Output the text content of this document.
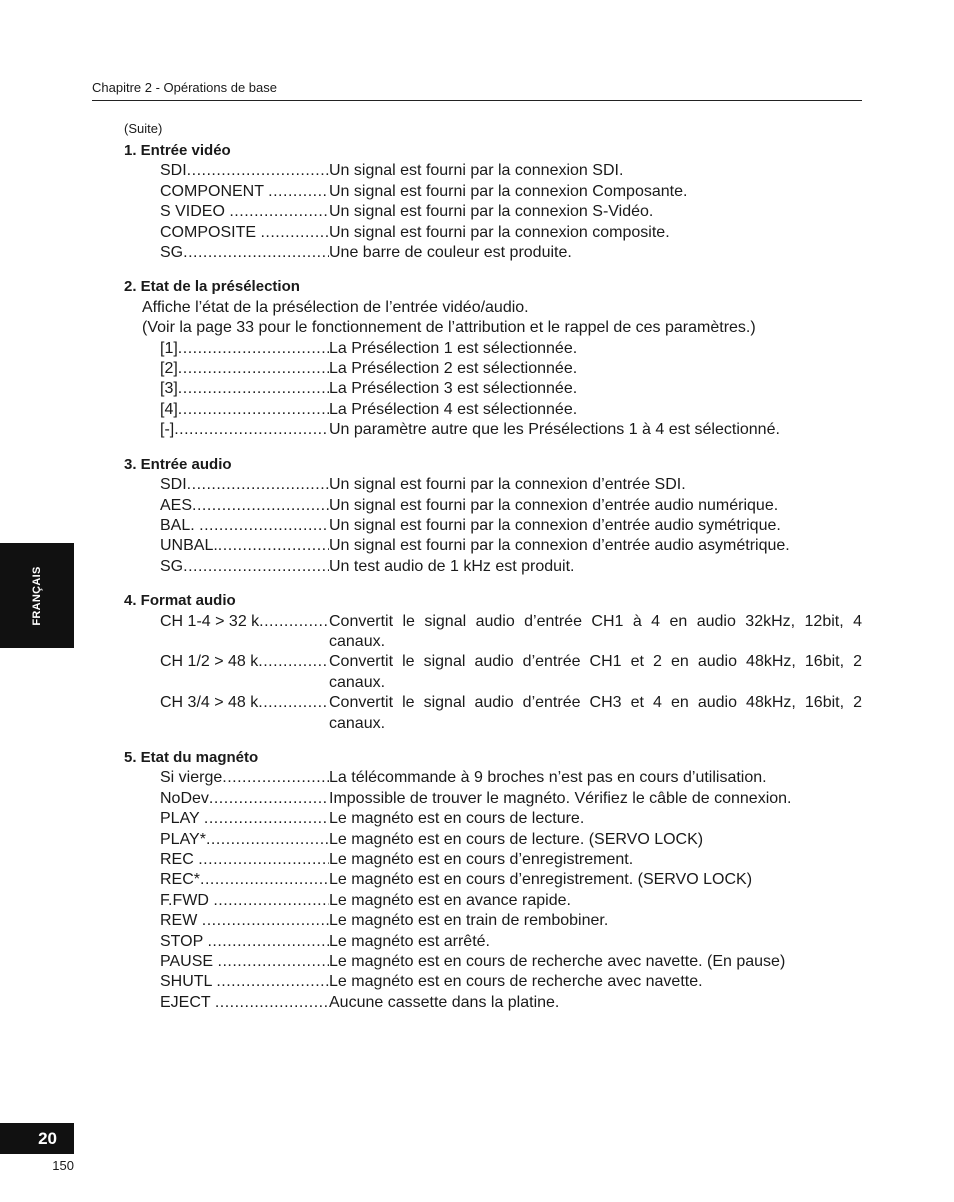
Chapitre 2 - Opérations de base
(Suite)
1. Entrée vidéo
SDI .....	Un signal est fourni par la connexion SDI.
COMPONENT .....	Un signal est fourni par la connexion Composante.
S VIDEO .....	Un signal est fourni par la connexion S-Vidéo.
COMPOSITE .....	Un signal est fourni par la connexion composite.
SG .....	Une barre de couleur est produite.
2. Etat de la présélection
Affiche l’état de la présélection de l’entrée vidéo/audio.
(Voir la page 33 pour le fonctionnement de l’attribution et le rappel de ces paramètres.)
[1] .....	La Présélection 1 est sélectionnée.
[2] .....	La Présélection 2 est sélectionnée.
[3] .....	La Présélection 3 est sélectionnée.
[4] .....	La Présélection 4 est sélectionnée.
[-] .....	Un paramètre autre que les Présélections 1 à 4 est sélectionné.
3. Entrée audio
SDI .....	Un signal est fourni par la connexion d’entrée SDI.
AES .....	Un signal est fourni par la connexion d’entrée audio numérique.
BAL. .....	Un signal est fourni par la connexion d’entrée audio symétrique.
UNBAL. .....	Un signal est fourni par la connexion d’entrée audio asymétrique.
SG .....	Un test audio de 1 kHz est produit.
4. Format audio
CH 1-4 > 32 k .....	Convertit le signal audio d’entrée CH1 à 4 en audio 32kHz, 12bit, 4 canaux.
CH 1/2 > 48 k .....	Convertit le signal audio d’entrée CH1 et 2 en audio 48kHz, 16bit, 2 canaux.
CH 3/4 > 48 k .....	Convertit le signal audio d’entrée CH3 et 4 en audio 48kHz, 16bit, 2 canaux.
5. Etat du magnéto
Si vierge .....	La télécommande à 9 broches n’est pas en cours d’utilisation.
NoDev .....	Impossible de trouver le magnéto. Vérifiez le câble de connexion.
PLAY .....	Le magnéto est en cours de lecture.
PLAY* .....	Le magnéto est en cours de lecture. (SERVO LOCK)
REC .....	Le magnéto est en cours d’enregistrement.
REC* .....	Le magnéto est en cours d’enregistrement. (SERVO LOCK)
F.FWD .....	Le magnéto est en avance rapide.
REW .....	Le magnéto est en train de rembobiner.
STOP .....	Le magnéto est arrêté.
PAUSE .....	Le magnéto est en cours de recherche avec navette. (En pause)
SHUTL .....	Le magnéto est en cours de recherche avec navette.
EJECT .....	Aucune cassette dans la platine.
FRANÇAIS
20
150
